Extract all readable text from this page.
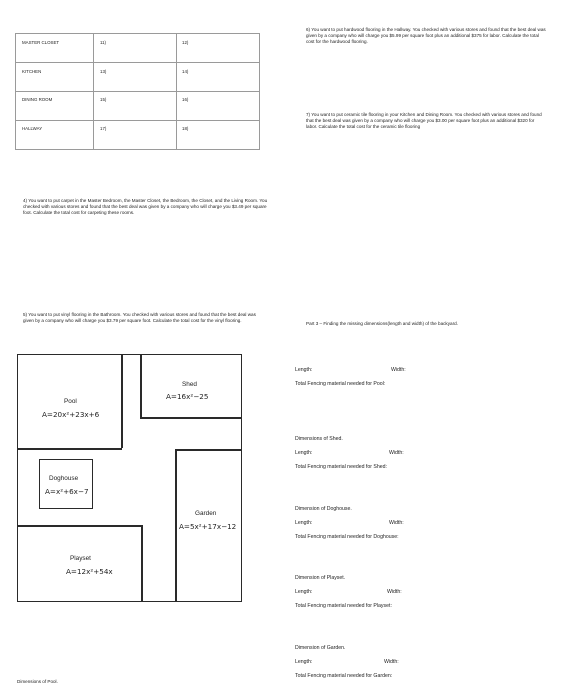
MASTER CLOSET	11)	12)
KITCHEN	13)	14)
DINING ROOM	15)	16)
HALLWAY	17)	18)
4) You want to put carpet in the Master Bedroom, the Master Closet, the Bedroom, the Closet, and the Living Room. You checked with various stores and found that the best deal was given by a company who will charge you $3.49 per square foot. Calculate the total cost for carpeting these rooms.
5) You want to put vinyl flooring in the Bathroom. You checked with various stores and found that the best deal was given by a company who will charge you $3.79 per square foot. Calculate the total cost for the vinyl flooring.
6) You want to put hardwood flooring in the Hallway. You checked with various stores and found that the best deal was given by a company who will charge you $5.99 per square foot plus an additional $375 for labor. Calculate the total cost for the hardwood flooring.
7) You want to put ceramic tile flooring in your Kitchen and Dining Room. You checked with various stores and found that the best deal was given by a company who will charge you $3.00 per square foot plus an additional $320 for labor. Calculate the total cost for the ceramic tile flooring
Part 3 – Finding the missing dimensions(length and width) of the backyard.
Pool
A=20x²+23x+6
Shed
A=16x²−25
Doghouse
A=x²+6x−7
Garden
A=5x²+17x−12
Playset
A=12x²+54x
Length:	Width:
Total Fencing material needed for Pool:
Dimensions of Shed.
Length:	Width:
Total Fencing material needed for Shed:
Dimension of Doghouse.
Length:	Width:
Total Fencing material needed for Doghouse:
Dimension of Playset.
Length:	Width:
Total Fencing material needed for Playset:
Dimension of Garden.
Length:	Width:
Total Fencing material needed for Garden:
Dimensions of Pool.
